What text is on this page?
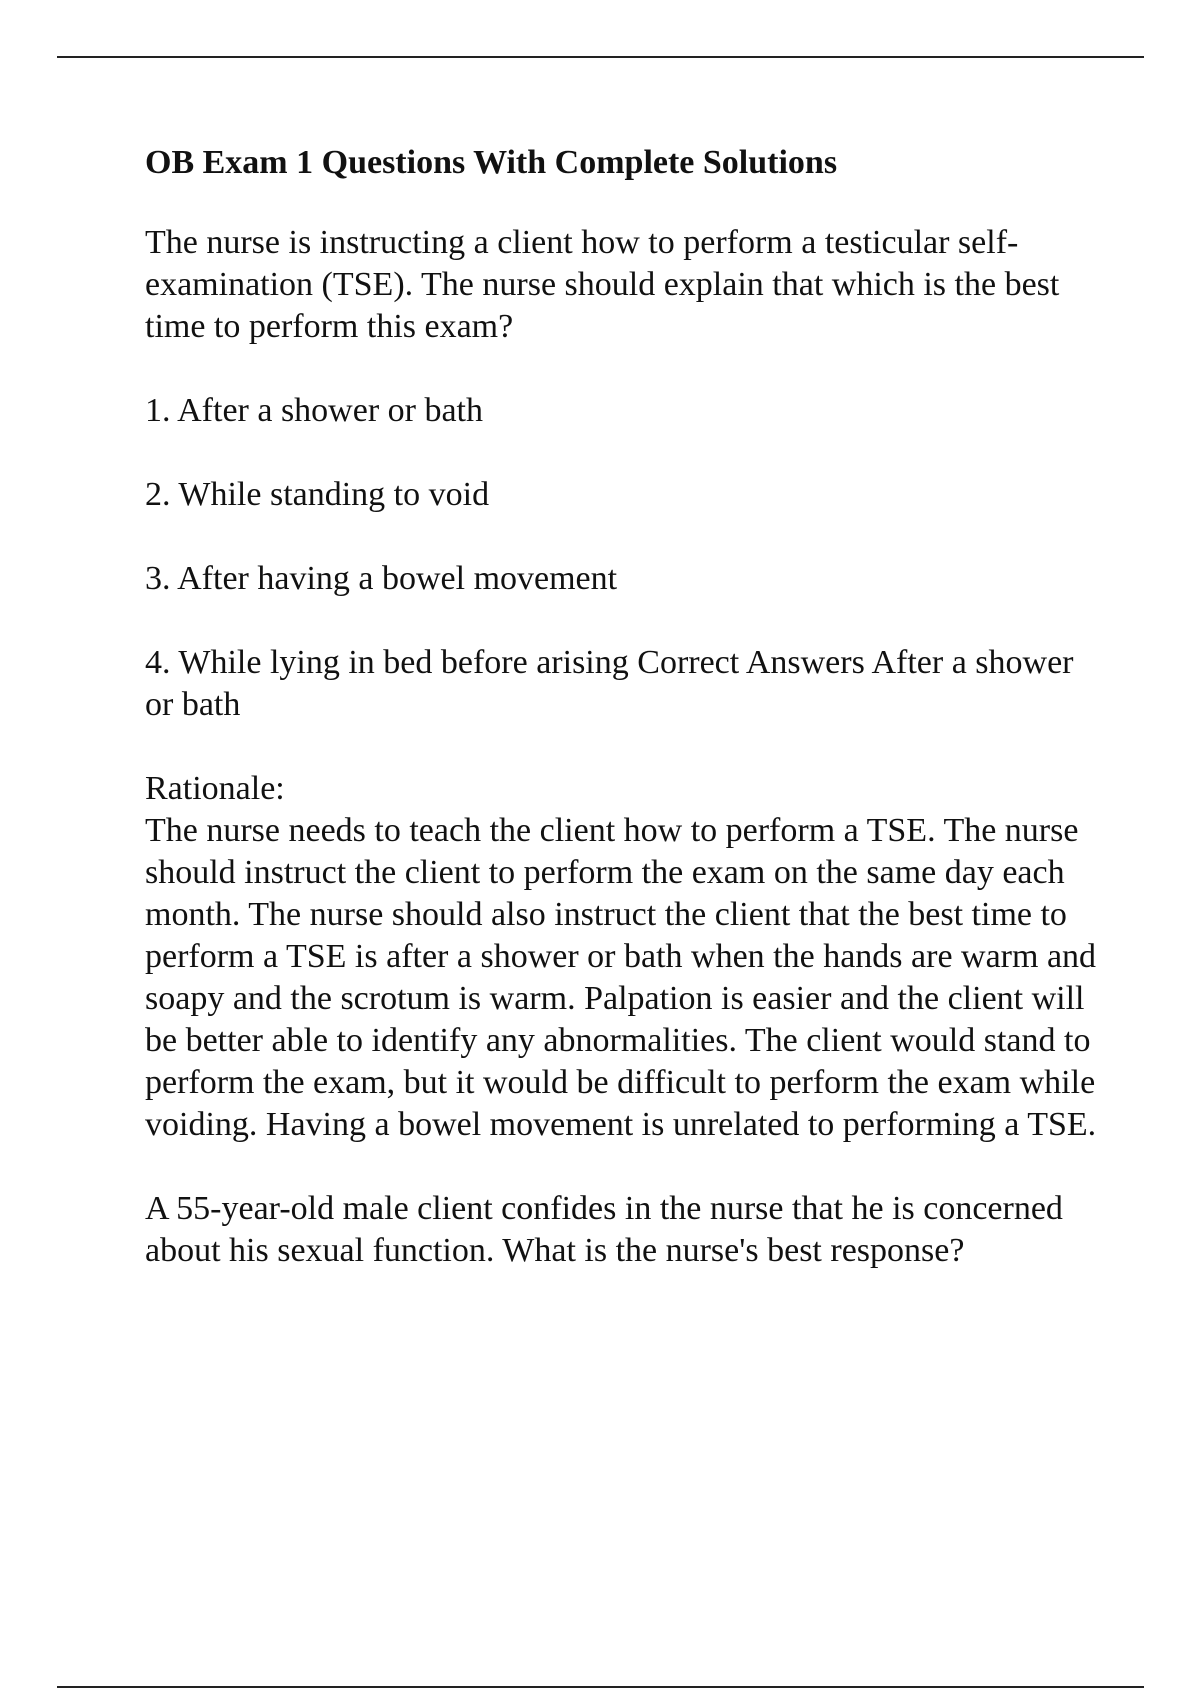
OB Exam 1 Questions With Complete Solutions
The nurse is instructing a client how to perform a testicular self-examination (TSE). The nurse should explain that which is the best time to perform this exam?
1. After a shower or bath
2. While standing to void
3. After having a bowel movement
4. While lying in bed before arising Correct Answers After a shower or bath
Rationale:
The nurse needs to teach the client how to perform a TSE. The nurse should instruct the client to perform the exam on the same day each month. The nurse should also instruct the client that the best time to perform a TSE is after a shower or bath when the hands are warm and soapy and the scrotum is warm. Palpation is easier and the client will be better able to identify any abnormalities. The client would stand to perform the exam, but it would be difficult to perform the exam while voiding. Having a bowel movement is unrelated to performing a TSE.
A 55-year-old male client confides in the nurse that he is concerned about his sexual function. What is the nurse's best response?
